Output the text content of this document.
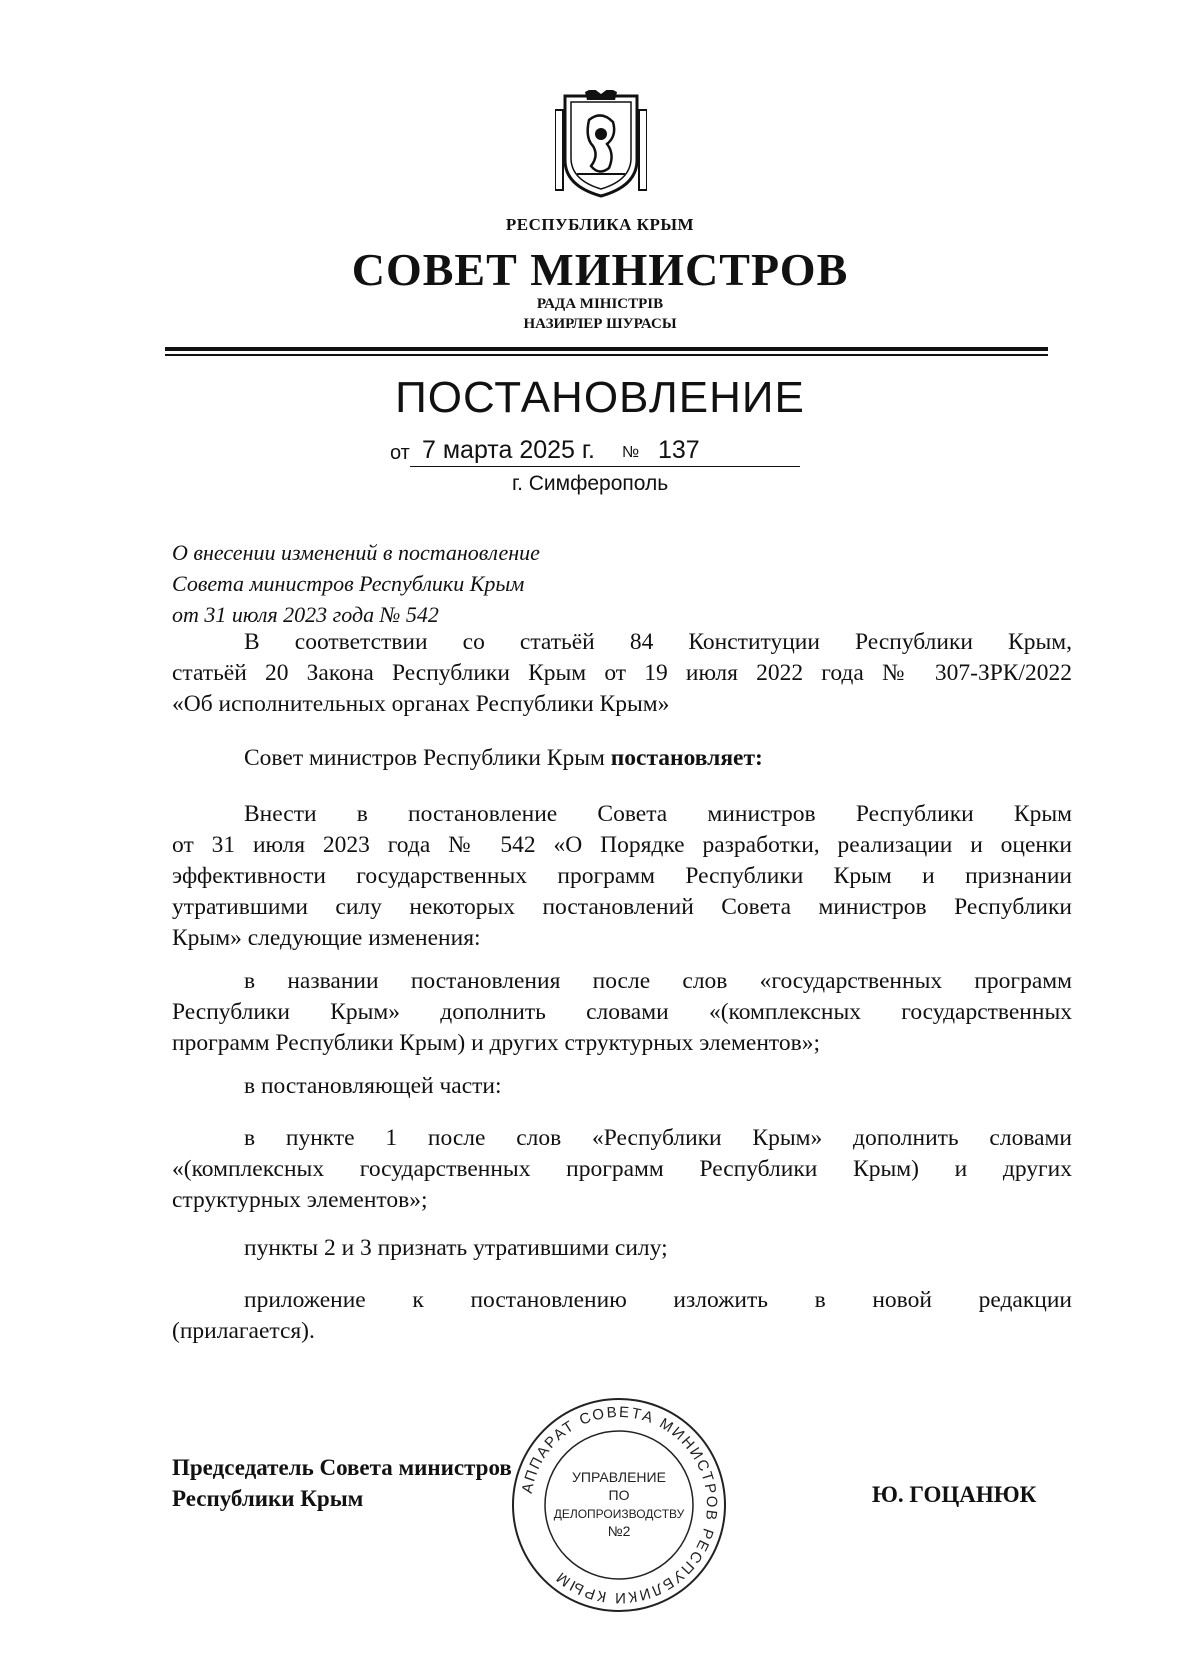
РЕСПУБЛИКА КРЫМ
СОВЕТ МИНИСТРОВ
РАДА МІНІСТРІВ
НАЗИРЛЕР ШУРАСЫ
ПОСТАНОВЛЕНИЕ
от 7 марта 2025 г. № 137
г. Симферополь
О внесении изменений в постановление
Совета министров Республики Крым
от 31 июля 2023 года № 542
В соответствии со статьёй 84 Конституции Республики Крым,
статьёй 20 Закона Республики Крым от 19 июля 2022 года № 307-ЗРК/2022
«Об исполнительных органах Республики Крым»
Совет министров Республики Крым постановляет:
Внести в постановление Совета министров Республики Крым
от 31 июля 2023 года № 542 «О Порядке разработки, реализации и оценки
эффективности государственных программ Республики Крым и признании
утратившими силу некоторых постановлений Совета министров Республики
Крым» следующие изменения:
в названии постановления после слов «государственных программ
Республики Крым» дополнить словами «(комплексных государственных
программ Республики Крым) и других структурных элементов»;
в постановляющей части:
в пункте 1 после слов «Республики Крым» дополнить словами
«(комплексных государственных программ Республики Крым) и других
структурных элементов»;
пункты 2 и 3 признать утратившими силу;
приложение к постановлению изложить в новой редакции
(прилагается).
Председатель Совета министров
Республики Крым	Ю. ГОЦАНЮК
АППАРАТ СОВЕТА МИНИСТРОВ РЕСПУБЛИКИ КРЫМ
УПРАВЛЕНИЕ
ПО
ДЕЛОПРОИЗВОДСТВУ
№2
